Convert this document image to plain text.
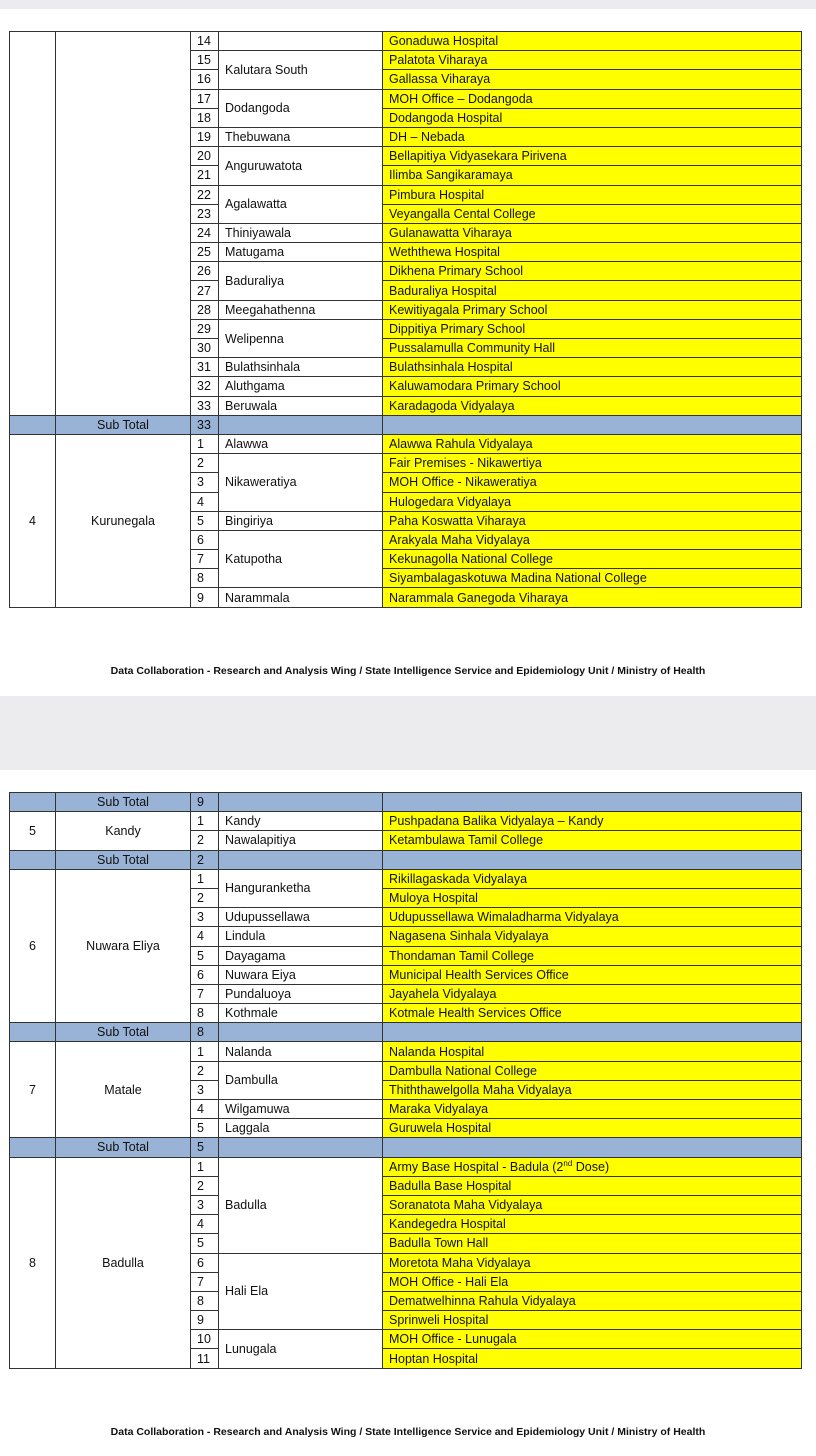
		14		Gonaduwa Hospital
		15	Kalutara South	Palatota Viharaya
		16		Gallassa Viharaya
		17	Dodangoda	MOH Office – Dodangoda
		18		Dodangoda Hospital
		19	Thebuwana	DH – Nebada
		20	Anguruwatota	Bellapitiya Vidyasekara Pirivena
		21		Ilimba Sangikaramaya
		22	Agalawatta	Pimbura Hospital
		23		Veyangalla Cental College
		24	Thiniyawala	Gulanawatta Viharaya
		25	Matugama	Weththewa Hospital
		26	Baduraliya	Dikhena Primary School
		27		Baduraliya Hospital
		28	Meegahathenna	Kewitiyagala Primary School
		29	Welipenna	Dippitiya Primary School
		30		Pussalamulla Community Hall
		31	Bulathsinhala	Bulathsinhala Hospital
		32	Aluthgama	Kaluwamodara Primary School
		33	Beruwala	Karadagoda Vidyalaya
	Sub Total	33		
4	Kurunegala	1	Alawwa	Alawwa Rahula Vidyalaya
		2	Nikaweratiya	Fair Premises - Nikawertiya
		3		MOH Office - Nikaweratiya
		4		Hulogedara Vidyalaya
		5	Bingiriya	Paha Koswatta Viharaya
		6	Katupotha	Arakyala Maha Vidyalaya
		7		Kekunagolla National College
		8		Siyambalagaskotuwa Madina National College
		9	Narammala	Narammala Ganegoda Viharaya
Data Collaboration - Research and Analysis Wing / State Intelligence Service and Epidemiology Unit / Ministry of Health
	Sub Total	9		
5	Kandy	1	Kandy	Pushpadana Balika Vidyalaya – Kandy
		2	Nawalapitiya	Ketambulawa Tamil College
	Sub Total	2		
6	Nuwara Eliya	1	Hanguranketha	Rikillagaskada Vidyalaya
		2		Muloya Hospital
		3	Udupussellawa	Udupussellawa Wimaladharma Vidyalaya
		4	Lindula	Nagasena Sinhala Vidyalaya
		5	Dayagama	Thondaman Tamil College
		6	Nuwara Eiya	Municipal Health Services Office
		7	Pundaluoya	Jayahela Vidyalaya
		8	Kothmale	Kotmale Health Services Office
	Sub Total	8		
7	Matale	1	Nalanda	Nalanda Hospital
		2	Dambulla	Dambulla National College
		3		Thiththawelgolla Maha Vidyalaya
		4	Wilgamuwa	Maraka Vidyalaya
		5	Laggala	Guruwela Hospital
	Sub Total	5		
8	Badulla	1	Badulla	Army Base Hospital - Badula (2nd Dose)
		2		Badulla Base Hospital
		3		Soranatota Maha Vidyalaya
		4		Kandegedra Hospital
		5		Badulla Town Hall
		6	Hali Ela	Moretota Maha Vidyalaya
		7		MOH Office - Hali Ela
		8		Dematwelhinna Rahula Vidyalaya
		9		Sprinweli Hospital
		10	Lunugala	MOH Office - Lunugala
		11		Hoptan Hospital
Data Collaboration - Research and Analysis Wing / State Intelligence Service and Epidemiology Unit / Ministry of Health
